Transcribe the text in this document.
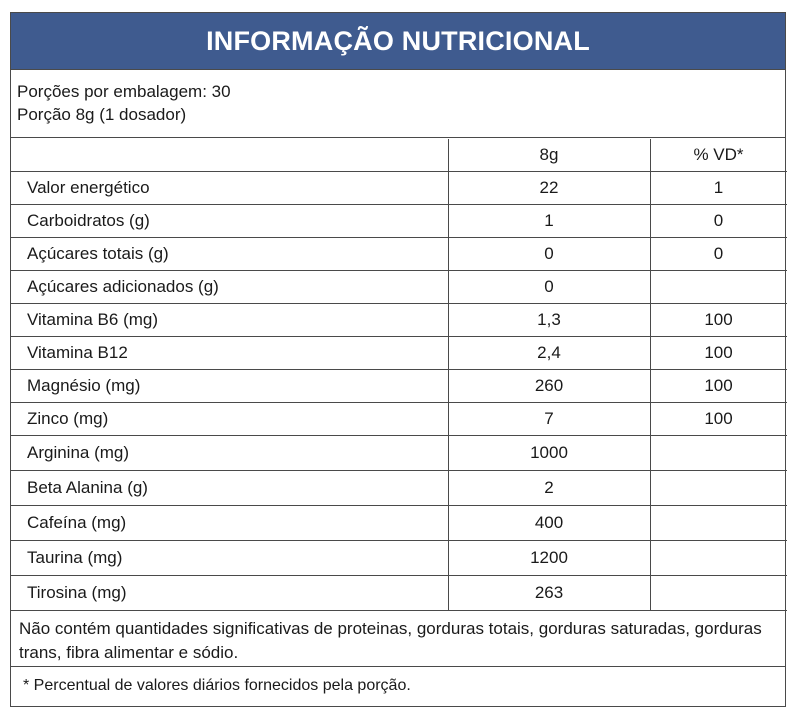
INFORMAÇÃO NUTRICIONAL
Porções por embalagem: 30
Porção 8g (1 dosador)
	8g	% VD*
Valor energético	22	1
Carboidratos (g)	1	0
Açúcares totais (g)	0	0
Açúcares adicionados (g)	0	
Vitamina B6 (mg)	1,3	100
Vitamina B12	2,4	100
Magnésio (mg)	260	100
Zinco (mg)	7	100
Arginina (mg)	1000	
Beta Alanina (g)	2	
Cafeína (mg)	400	
Taurina (mg)	1200	
Tirosina (mg)	263	
Não contém quantidades significativas de proteinas, gorduras totais, gorduras saturadas, gorduras trans, fibra alimentar e sódio.
* Percentual de valores diários fornecidos pela porção.
